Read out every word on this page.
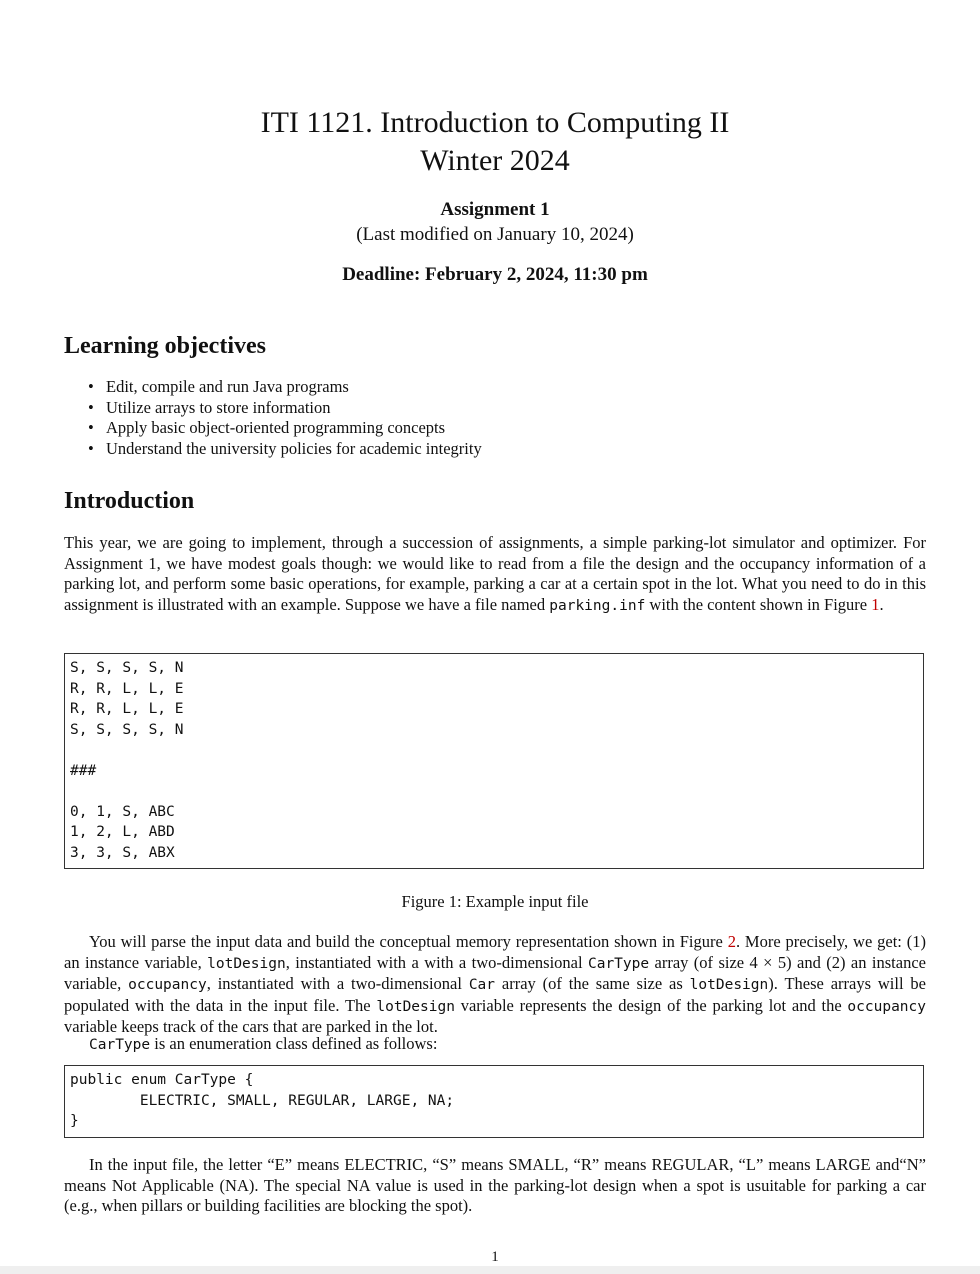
ITI 1121. Introduction to Computing II
Winter 2024
Assignment 1
(Last modified on January 10, 2024)
Deadline: February 2, 2024, 11:30 pm
Learning objectives
• Edit, compile and run Java programs
• Utilize arrays to store information
• Apply basic object-oriented programming concepts
• Understand the university policies for academic integrity
Introduction

This year, we are going to implement, through a succession of assignments, a simple parking-lot simulator and optimizer. For Assignment 1, we have modest goals though: we would like to read from a file the design and the occupancy information of a parking lot, and perform some basic operations, for example, parking a car at a certain spot in the lot. What you need to do in this assignment is illustrated with an example. Suppose we have a file named parking.inf with the content shown in Figure 1.

S, S, S, S, N
R, R, L, L, E
R, R, L, L, E
S, S, S, S, N

###

0, 1, S, ABC
1, 2, L, ABD
3, 3, S, ABX
Figure 1: Example input file

You will parse the input data and build the conceptual memory representation shown in Figure 2. More precisely, we get: (1) an instance variable, lotDesign, instantiated with a with a two-dimensional CarType array (of size 4 × 5) and (2) an instance variable, occupancy, instantiated with a two-dimensional Car array (of the same size as lotDesign). These arrays will be populated with the data in the input file. The lotDesign variable represents the design of the parking lot and the occupancy variable keeps track of the cars that are parked in the lot.

CarType is an enumeration class defined as follows:

public enum CarType {
ELECTRIC, SMALL, REGULAR, LARGE, NA;
}

In the input file, the letter “E” means ELECTRIC, “S” means SMALL, “R” means REGULAR, “L” means LARGE and“N” means Not Applicable (NA). The special NA value is used in the parking-lot design when a spot is usuitable for parking a car (e.g., when pillars or building facilities are blocking the spot).

1
